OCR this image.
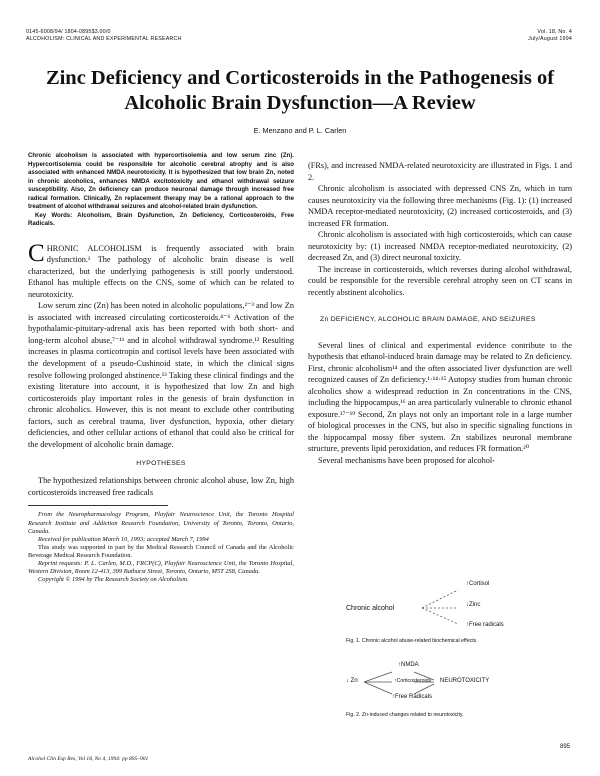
0145-6008/94/ 1804-0895$3.00/0
ALCOHOLISM: CLINICAL AND EXPERIMENTAL RESEARCH
Vol. 18, No. 4
July/August 1994
Zinc Deficiency and Corticosteroids in the Pathogenesis of Alcoholic Brain Dysfunction—A Review
E. Menzano and P. L. Carlen

Chronic alcoholism is associated with hypercortisolemia and low serum zinc (Zn). Hypercortisolemia could be responsible for alcoholic cerebral atrophy and is also associated with enhanced NMDA neurotoxicity. It is hypothesized that low brain Zn, noted in chronic alcoholics, enhances NMDA excitotoxicity and ethanol withdrawal seizure susceptibility. Also, Zn deficiency can produce neuronal damage through increased free radical formation. Clinically, Zn replacement therapy may be a rational approach to the treatment of alcohol withdrawal seizures and alcohol-related brain dysfunction.

Key Words: Alcoholism, Brain Dysfunction, Zn Deficiency, Corticosteroids, Free Radicals.

CHRONIC ALCOHOLISM is frequently associated with brain dysfunction.¹ The pathology of alcoholic brain disease is well characterized, but the underlying pathogenesis is still poorly understood. Ethanol has multiple effects on the CNS, some of which can be related to neurotoxicity.

Low serum zinc (Zn) has been noted in alcoholic populations,²⁻³ and low Zn is associated with increased circulating corticosteroids.⁴⁻⁶ Activation of the hypothalamic-pituitary-adrenal axis has been reported with both short- and long-term alcohol abuse,⁷⁻¹¹ and in alcohol withdrawal syndrome.¹² Resulting increases in plasma corticotropin and cortisol levels have been associated with the development of a pseudo-Cushinoid state, in which the clinical signs resolve following prolonged abstinence.¹³ Taking these clinical findings and the existing literature into account, it is hypothesized that low Zn and high corticosteroids play important roles in the genesis of brain dysfunction in chronic alcoholics. However, this is not meant to exclude other contributing factors, such as cerebral trauma, liver dysfunction, hypoxia, other dietary deficiencies, and other cellular actions of ethanol that could also be critical for the development of alcoholic brain damage.

HYPOTHESES

The hypothesized relationships between chronic alcohol abuse, low Zn, high corticosteroids increased free radicals

From the Neuropharmacology Program, Playfair Neuroscience Unit, the Toronto Hospital Research Institute and Addiction Research Foundation, University of Toronto, Toronto, Ontario, Canada.

Received for publication March 10, 1993; accepted March 7, 1994

This study was supported in part by the Medical Research Council of Canada and the Alcoholic Beverage Medical Research Foundation.

Reprint requests: P. L. Carlen, M.D., FRCP(C), Playfair Neuroscience Unit, the Toronto Hospital, Western Division, Room 12-413, 399 Bathurst Street, Toronto, Ontario, M5T 2S8, Canada.

Copyright © 1994 by The Research Society on Alcoholism.

Alcohol Clin Exp Res, Vol 18, No 4, 1994: pp 895–901

(FRs), and increased NMDA-related neurotoxicity are illustrated in Figs. 1 and 2.

Chronic alcoholism is associated with depressed CNS Zn, which in turn causes neurotoxicity via the following three mechanisms (Fig. 1): (1) increased NMDA receptor-mediated neurotoxicity, (2) increased corticosteroids, and (3) increased FR formation.

Chronic alcoholism is associated with high corticosteroids, which can cause neurotoxicity by: (1) increased NMDA receptor-mediated neurotoxicity, (2) decreased Zn, and (3) direct neuronal toxicity.

The increase in corticosteroids, which reverses during alcohol withdrawal, could be responsible for the reversible cerebral atrophy seen on CT scans in recently abstinent alcoholics.

Zn DEFICIENCY, ALCOHOLIC BRAIN DAMAGE, AND SEIZURES

Several lines of clinical and experimental evidence contribute to the hypothesis that ethanol-induced brain damage may be related to Zn deficiency. First, chronic alcoholism¹⁴ and the often associated liver dysfunction are well recognized causes of Zn deficiency.¹·¹⁴·¹⁵ Autopsy studies from human chronic alcoholics show a widespread reduction in Zn concentrations in the CNS, including the hippocampus,¹⁶ an area particularly vulnerable to chronic ethanol exposure.¹⁷⁻¹⁹ Second, Zn plays not only an important role in a large number of biological processes in the CNS, but also in specific signaling functions in the hippocampal mossy fiber system. Zn stabilizes neuronal membrane structure, prevents lipid peroxidation, and reduces FR formation.²⁰

Several mechanisms have been proposed for alcohol-

Chronic alcohol
↑Cortisol
↓Zinc
↑Free radicals
Fig. 1. Chronic alcohol abuse-related biochemical effects.
↑NMDA
↓ Zn	↑Corticosteroids NEUROTOXICITY
↑Free Radicals
Fig. 2. Zn-induced changes related to neurotoxicity.
895
